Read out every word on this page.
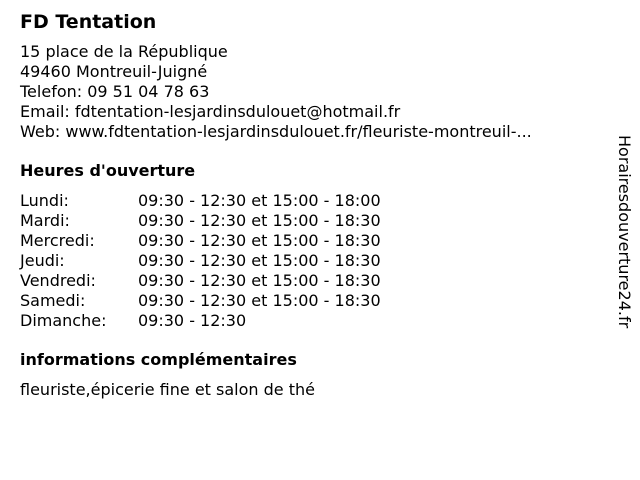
FD Tentation
15 place de la République
49460 Montreuil-Juigné
Telefon: 09 51 04 78 63
Email: fdtentation-lesjardinsdulouet@hotmail.fr
Web: www.fdtentation-lesjardinsdulouet.fr/fleuriste-montreuil-...
Heures d'ouverture
Lundi:	09:30 - 12:30 et 15:00 - 18:00
Mardi:	09:30 - 12:30 et 15:00 - 18:30
Mercredi:	09:30 - 12:30 et 15:00 - 18:30
Jeudi:	09:30 - 12:30 et 15:00 - 18:30
Vendredi:	09:30 - 12:30 et 15:00 - 18:30
Samedi:	09:30 - 12:30 et 15:00 - 18:30
Dimanche:	09:30 - 12:30
informations complémentaires
fleuriste,épicerie fine et salon de thé
Horairesdouverture24.fr
